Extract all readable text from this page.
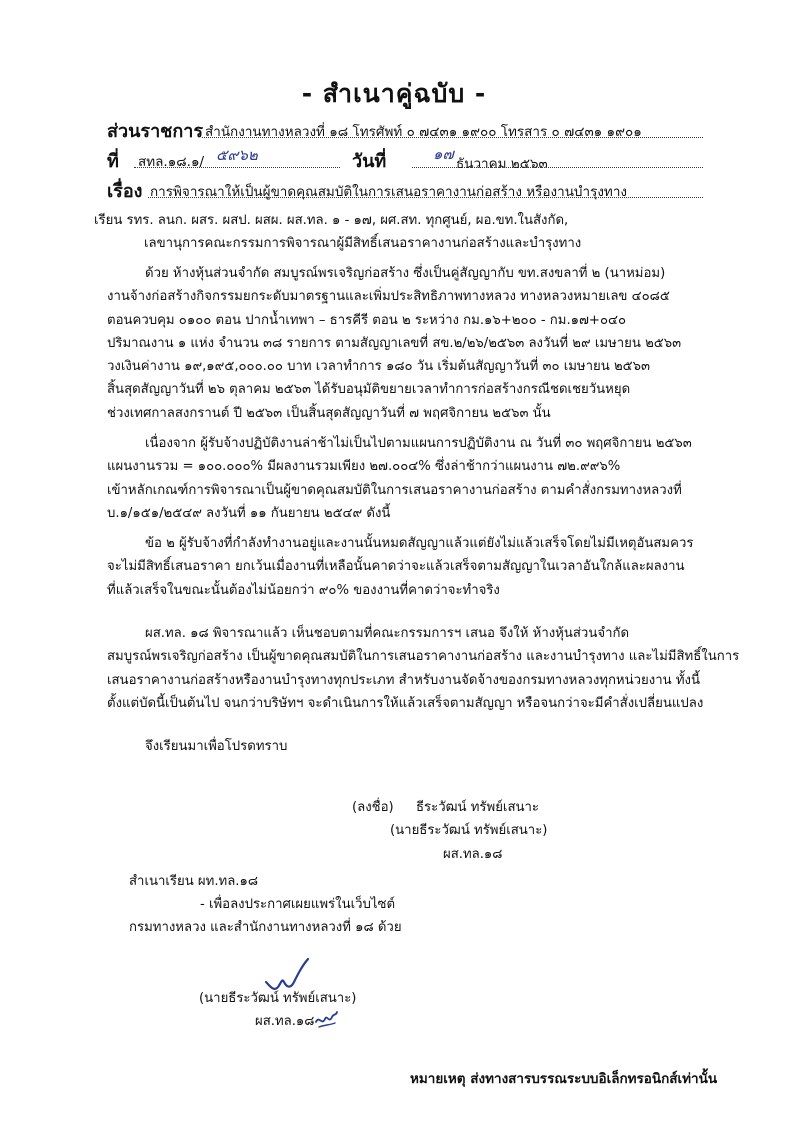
- สำเนาคู่ฉบับ -
ส่วนราชการ สำนักงานทางหลวงที่ ๑๘ โทรศัพท์ ๐ ๗๔๓๑ ๑๙๐๐ โทรสาร ๐ ๗๔๓๑ ๑๙๐๑
ที่ สทล.๑๘.๑/ ๕๙๖๒	วันที่	๑๗
ธันวาคม ๒๕๖๓
เรื่อง การพิจารณาให้เป็นผู้ขาดคุณสมบัติในการเสนอราคางานก่อสร้าง หรืองานบำรุงทาง
เรียน รทร. ลนก. ผสร. ผสป. ผสผ. ผส.ทล. ๑ - ๑๗, ผศ.สท. ทุกศูนย์, ผอ.ขท.ในสังกัด,
เลขานุการคณะกรรมการพิจารณาผู้มีสิทธิ์เสนอราคางานก่อสร้างและบำรุงทาง
ด้วย ห้างหุ้นส่วนจำกัด สมบูรณ์พรเจริญก่อสร้าง ซึ่งเป็นคู่สัญญากับ ขท.สงขลาที่ ๒ (นาหม่อม)
งานจ้างก่อสร้างกิจกรรมยกระดับมาตรฐานและเพิ่มประสิทธิภาพทางหลวง ทางหลวงหมายเลข ๔๐๘๕
ตอนควบคุม ๐๑๐๐ ตอน ปากน้ำเทพา – ธารคีรี ตอน ๒ ระหว่าง กม.๑๖+๒๐๐ - กม.๑๗+๐๔๐
ปริมาณงาน ๑ แห่ง จำนวน ๓๘ รายการ ตามสัญญาเลขที่ สข.๒/๒๖/๒๕๖๓ ลงวันที่ ๒๙ เมษายน ๒๕๖๓
วงเงินค่างาน ๑๙,๑๙๕,๐๐๐.๐๐ บาท เวลาทำการ ๑๘๐ วัน เริ่มต้นสัญญาวันที่ ๓๐ เมษายน ๒๕๖๓
สิ้นสุดสัญญาวันที่ ๒๖ ตุลาคม ๒๕๖๓ ได้รับอนุมัติขยายเวลาทำการก่อสร้างกรณีชดเชยวันหยุด
ช่วงเทศกาลสงกรานต์ ปี ๒๕๖๓ เป็นสิ้นสุดสัญญาวันที่ ๗ พฤศจิกายน ๒๕๖๓ นั้น
เนื่องจาก ผู้รับจ้างปฏิบัติงานล่าช้าไม่เป็นไปตามแผนการปฏิบัติงาน ณ วันที่ ๓๐ พฤศจิกายน ๒๕๖๓
แผนงานรวม = ๑๐๐.๐๐๐% มีผลงานรวมเพียง ๒๗.๐๐๔% ซึ่งล่าช้ากว่าแผนงาน ๗๒.๙๙๖%
เข้าหลักเกณฑ์การพิจารณาเป็นผู้ขาดคุณสมบัติในการเสนอราคางานก่อสร้าง ตามคำสั่งกรมทางหลวงที่
บ.๑/๑๕๑/๒๕๔๙ ลงวันที่ ๑๑ กันยายน ๒๕๔๙ ดังนี้
ข้อ ๒ ผู้รับจ้างที่กำลังทำงานอยู่และงานนั้นหมดสัญญาแล้วแต่ยังไม่แล้วเสร็จโดยไม่มีเหตุอันสมควร
จะไม่มีสิทธิ์เสนอราคา ยกเว้นเมื่องานที่เหลือนั้นคาดว่าจะแล้วเสร็จตามสัญญาในเวลาอันใกล้และผลงาน
ที่แล้วเสร็จในขณะนั้นต้องไม่น้อยกว่า ๙๐% ของงานที่คาดว่าจะทำจริง
ผส.ทล. ๑๘ พิจารณาแล้ว เห็นชอบตามที่คณะกรรมการฯ เสนอ จึงให้ ห้างหุ้นส่วนจำกัด
สมบูรณ์พรเจริญก่อสร้าง เป็นผู้ขาดคุณสมบัติในการเสนอราคางานก่อสร้าง และงานบำรุงทาง และไม่มีสิทธิ์ในการ
เสนอราคางานก่อสร้างหรืองานบำรุงทางทุกประเภท สำหรับงานจัดจ้างของกรมทางหลวงทุกหน่วยงาน ทั้งนี้
ตั้งแต่บัดนี้เป็นต้นไป จนกว่าบริษัทฯ จะดำเนินการให้แล้วเสร็จตามสัญญา หรือจนกว่าจะมีคำสั่งเปลี่ยนแปลง
จึงเรียนมาเพื่อโปรดทราบ
(ลงชื่อ) ธีระวัฒน์ ทรัพย์เสนาะ
(นายธีระวัฒน์ ทรัพย์เสนาะ)
ผส.ทล.๑๘
สำเนาเรียน ผท.ทล.๑๘
- เพื่อลงประกาศเผยแพร่ในเว็บไซต์
กรมทางหลวง และสำนักงานทางหลวงที่ ๑๘ ด้วย
(นายธีระวัฒน์ ทรัพย์เสนาะ)
ผส.ทล.๑๘
หมายเหตุ ส่งทางสารบรรณระบบอิเล็กทรอนิกส์เท่านั้น
